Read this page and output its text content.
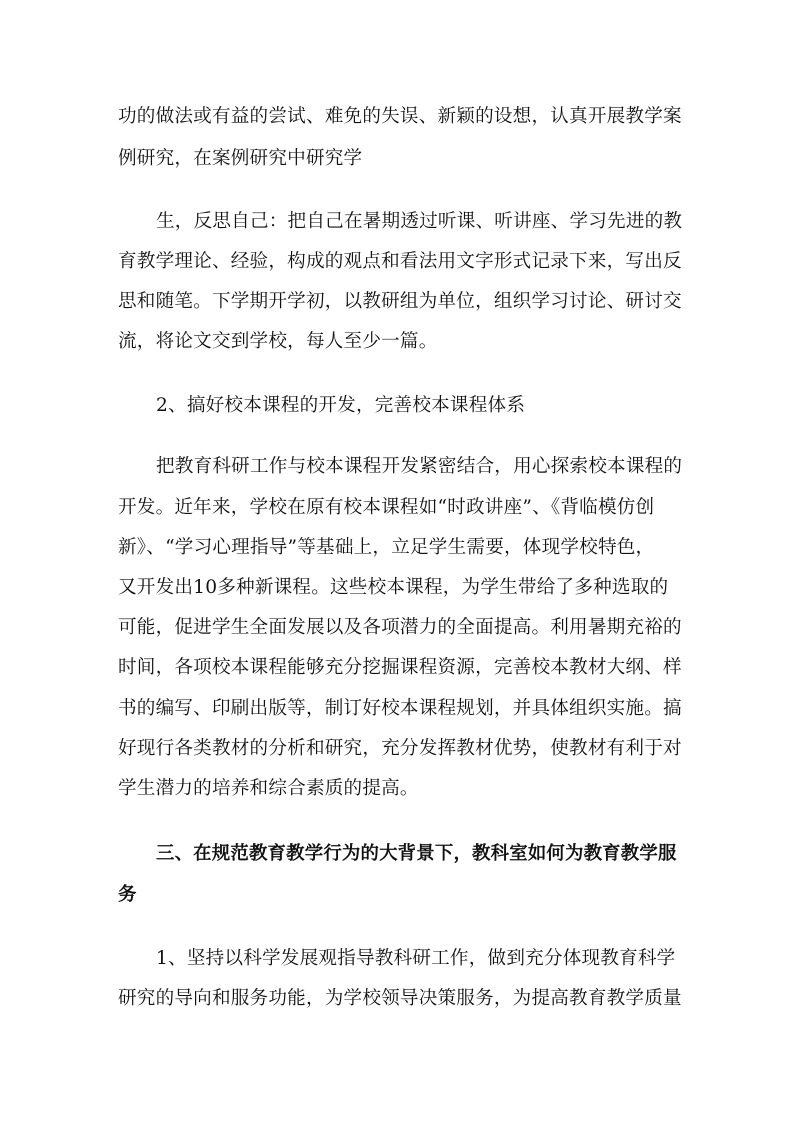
功的做法或有益的尝试、难免的失误、新颖的设想，认真开展教学案
例研究，在案例研究中研究学
生，反思自己：把自己在暑期透过听课、听讲座、学习先进的教
育教学理论、经验，构成的观点和看法用文字形式记录下来，写出反
思和随笔。下学期开学初，以教研组为单位，组织学习讨论、研讨交
流，将论文交到学校，每人至少一篇。
2、搞好校本课程的开发，完善校本课程体系
把教育科研工作与校本课程开发紧密结合，用心探索校本课程的
开发。近年来，学校在原有校本课程如“时政讲座”、《背临模仿创
新》、“学习心理指导”等基础上，立足学生需要，体现学校特色，
又开发出10多种新课程。这些校本课程，为学生带给了多种选取的
可能，促进学生全面发展以及各项潜力的全面提高。利用暑期充裕的
时间，各项校本课程能够充分挖掘课程资源，完善校本教材大纲、样
书的编写、印刷出版等，制订好校本课程规划，并具体组织实施。搞
好现行各类教材的分析和研究，充分发挥教材优势，使教材有利于对
学生潜力的培养和综合素质的提高。
三、在规范教育教学行为的大背景下，教科室如何为教育教学服
务
1、坚持以科学发展观指导教科研工作，做到充分体现教育科学
研究的导向和服务功能，为学校领导决策服务，为提高教育教学质量
